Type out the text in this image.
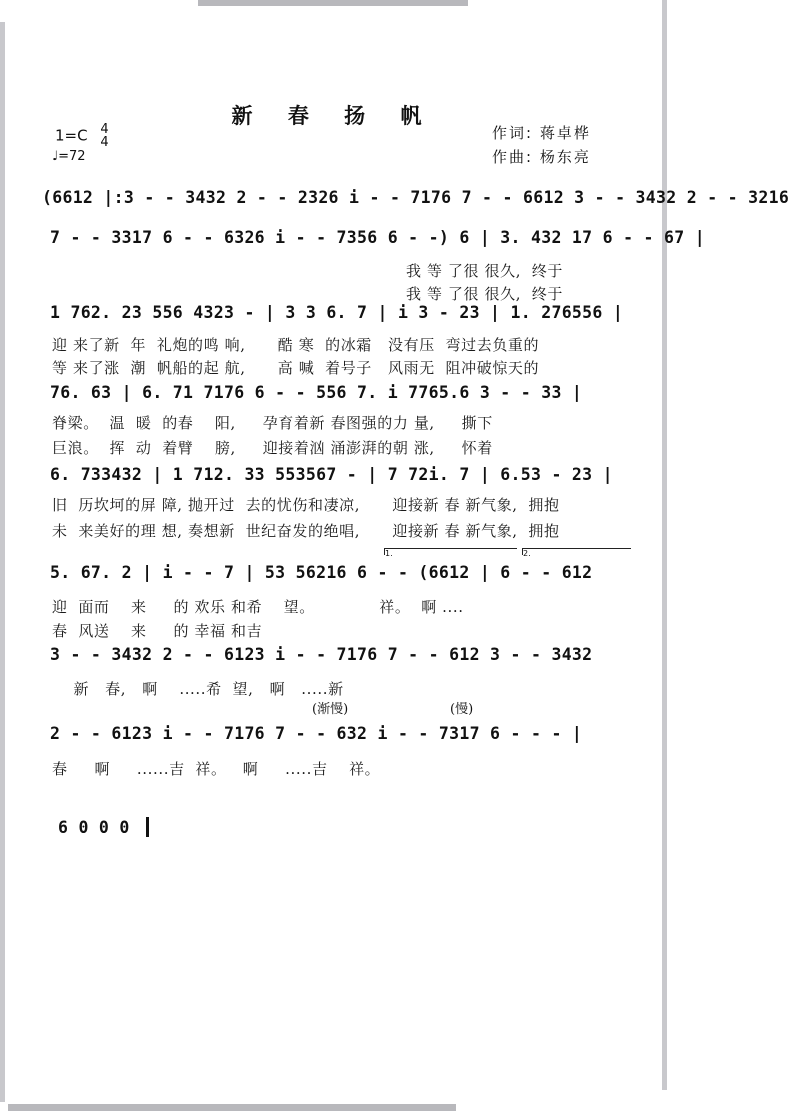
新 春 扬 帆
1=C 4
4
♩=72
作词: 蒋卓桦
作曲: 杨东亮
(6612 |:3 - - 3432 2 - - 2326 i - - 7176 7 - - 6612 3 - - 3432 2 - - 3216
7 - - 3317 6 - - 6326 i - - 7356 6 - -) 6 | 3. 432 17 6 - - 67 |
我 等 了很 很久,  终于
我 等 了很 很久,  终于
1 762. 23 556 4323 - | 3 3 6. 7 | i 3 - 23 | 1. 276556 |
迎 来了新  年  礼炮的鸣 响,      酷 寒  的冰霜   没有压  弯过去负重的
等 来了涨  潮  帆船的起 航,      高 喊  着号子   风雨无  阻冲破惊天的
76. 63 | 6. 71 7176 6 - - 556 7. i 7765.6 3 - - 33 |
脊梁。  温  暖  的春    阳,     孕育着新 春图强的力 量,     撕下
巨浪。  挥  动  着臂    膀,     迎接着汹 涌澎湃的朝 涨,     怀着
6. 733432 | 1 712. 33 553567 - | 7 72i. 7 | 6.53 - 23 |
旧  历坎坷的屏 障, 抛开过  去的忧伤和凄凉,      迎接新 春 新气象,  拥抱
未  来美好的理 想, 奏想新  世纪奋发的绝唱,      迎接新 春 新气象,  拥抱
1.	2.
5. 67. 2 | i - - 7 | 53 56216 6 - - (6612 | 6 - - 612
迎  面而    来     的 欢乐 和希    望。            祥。  啊 ....
春  风送    来     的 幸福 和吉
3 - - 3432 2 - - 6123 i - - 7176 7 - - 612 3 - - 3432
新   春,   啊    .....希  望,   啊   .....新
(渐慢)	(慢)
2 - - 6123 i - - 7176 7 - - 632 i - - 7317 6 - - - |
春     啊     ......吉  祥。   啊     .....吉    祥。
6 0 0 0
